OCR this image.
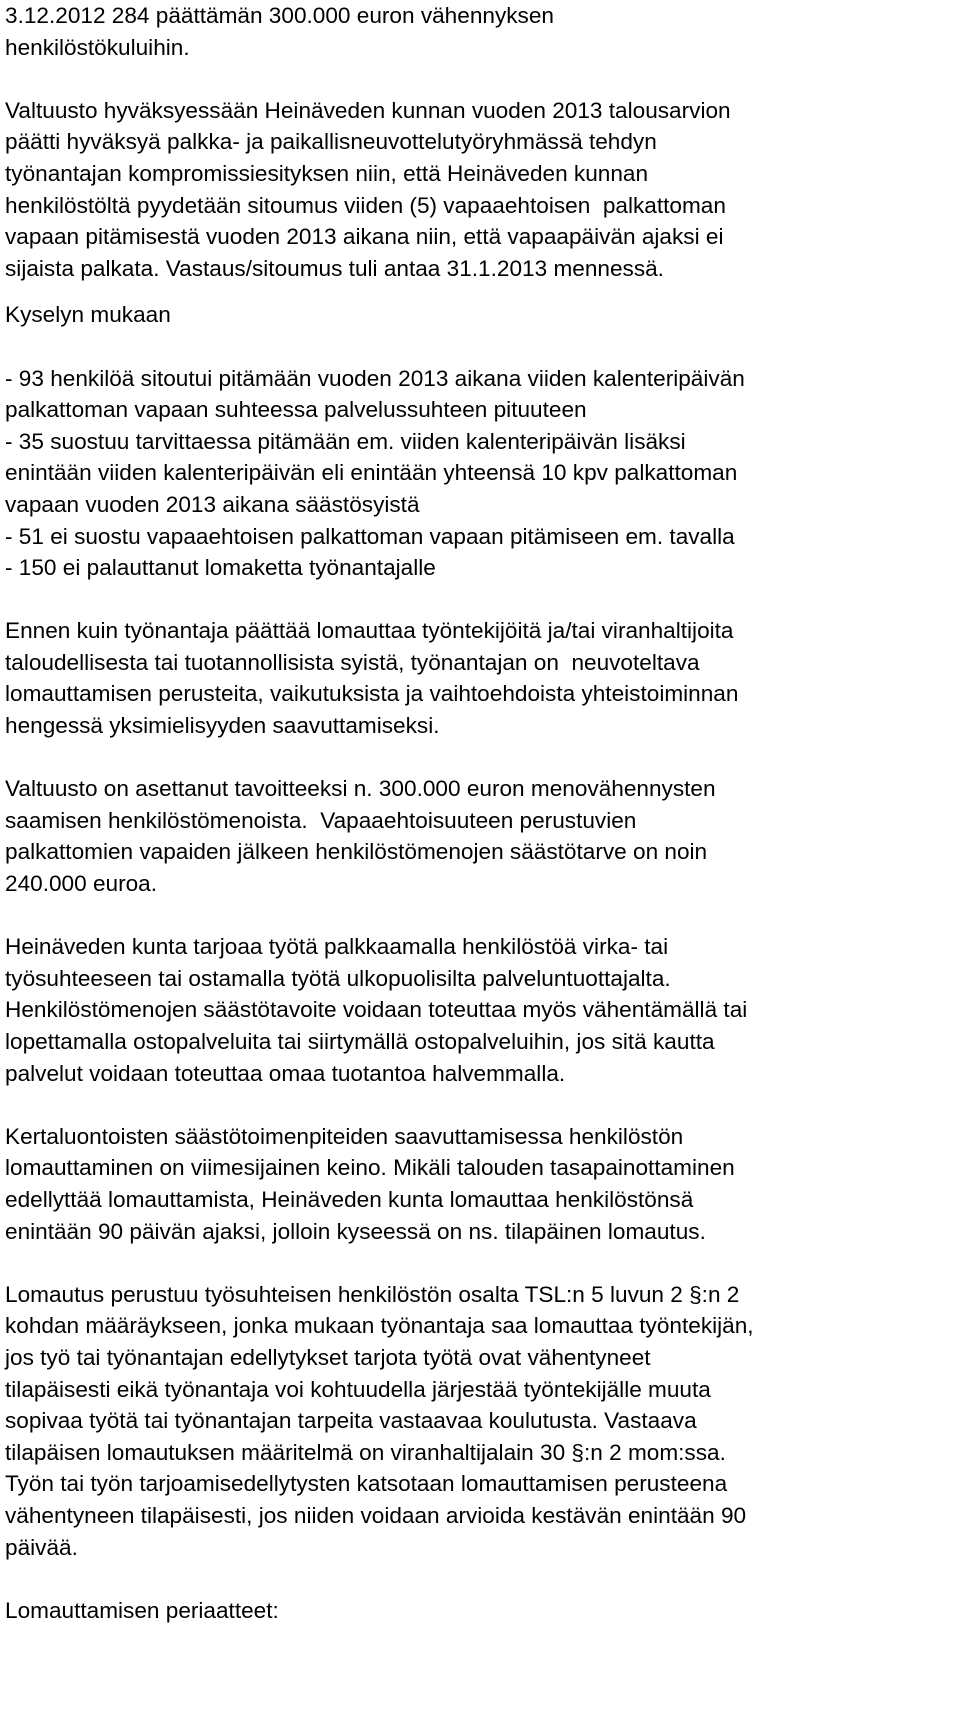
3.12.2012 284 päättämän 300.000 euron vähennyksen
henkilöstökuluihin.
Valtuusto hyväksyessään Heinäveden kunnan vuoden 2013 talousarvion
päätti hyväksyä palkka- ja paikallisneuvottelutyöryhmässä tehdyn
työnantajan kompromissiesityksen niin, että Heinäveden kunnan
henkilöstöltä pyydetään sitoumus viiden (5) vapaaehtoisen  palkattoman
vapaan pitämisestä vuoden 2013 aikana niin, että vapaapäivän ajaksi ei
sijaista palkata. Vastaus/sitoumus tuli antaa 31.1.2013 mennessä.
Kyselyn mukaan
- 93 henkilöä sitoutui pitämään vuoden 2013 aikana viiden kalenteripäivän
palkattoman vapaan suhteessa palvelussuhteen pituuteen
- 35 suostuu tarvittaessa pitämään em. viiden kalenteripäivän lisäksi
enintään viiden kalenteripäivän eli enintään yhteensä 10 kpv palkattoman
vapaan vuoden 2013 aikana säästösyistä
- 51 ei suostu vapaaehtoisen palkattoman vapaan pitämiseen em. tavalla
- 150 ei palauttanut lomaketta työnantajalle
Ennen kuin työnantaja päättää lomauttaa työntekijöitä ja/tai viranhaltijoita
taloudellisesta tai tuotannollisista syistä, työnantajan on  neuvoteltava
lomauttamisen perusteita, vaikutuksista ja vaihtoehdoista yhteistoiminnan
hengessä yksimielisyyden saavuttamiseksi.
Valtuusto on asettanut tavoitteeksi n. 300.000 euron menovähennysten
saamisen henkilöstömenoista.  Vapaaehtoisuuteen perustuvien
palkattomien vapaiden jälkeen henkilöstömenojen säästötarve on noin
240.000 euroa.
Heinäveden kunta tarjoaa työtä palkkaamalla henkilöstöä virka- tai
työsuhteeseen tai ostamalla työtä ulkopuolisilta palveluntuottajalta.
Henkilöstömenojen säästötavoite voidaan toteuttaa myös vähentämällä tai
lopettamalla ostopalveluita tai siirtymällä ostopalveluihin, jos sitä kautta
palvelut voidaan toteuttaa omaa tuotantoa halvemmalla.
Kertaluontoisten säästötoimenpiteiden saavuttamisessa henkilöstön
lomauttaminen on viimesijainen keino. Mikäli talouden tasapainottaminen
edellyttää lomauttamista, Heinäveden kunta lomauttaa henkilöstönsä
enintään 90 päivän ajaksi, jolloin kyseessä on ns. tilapäinen lomautus.
Lomautus perustuu työsuhteisen henkilöstön osalta TSL:n 5 luvun 2 §:n 2
kohdan määräykseen, jonka mukaan työnantaja saa lomauttaa työntekijän,
jos työ tai työnantajan edellytykset tarjota työtä ovat vähentyneet
tilapäisesti eikä työnantaja voi kohtuudella järjestää työntekijälle muuta
sopivaa työtä tai työnantajan tarpeita vastaavaa koulutusta. Vastaava
tilapäisen lomautuksen määritelmä on viranhaltijalain 30 §:n 2 mom:ssa.
Työn tai työn tarjoamisedellytysten katsotaan lomauttamisen perusteena
vähentyneen tilapäisesti, jos niiden voidaan arvioida kestävän enintään 90
päivää.
Lomauttamisen periaatteet:
